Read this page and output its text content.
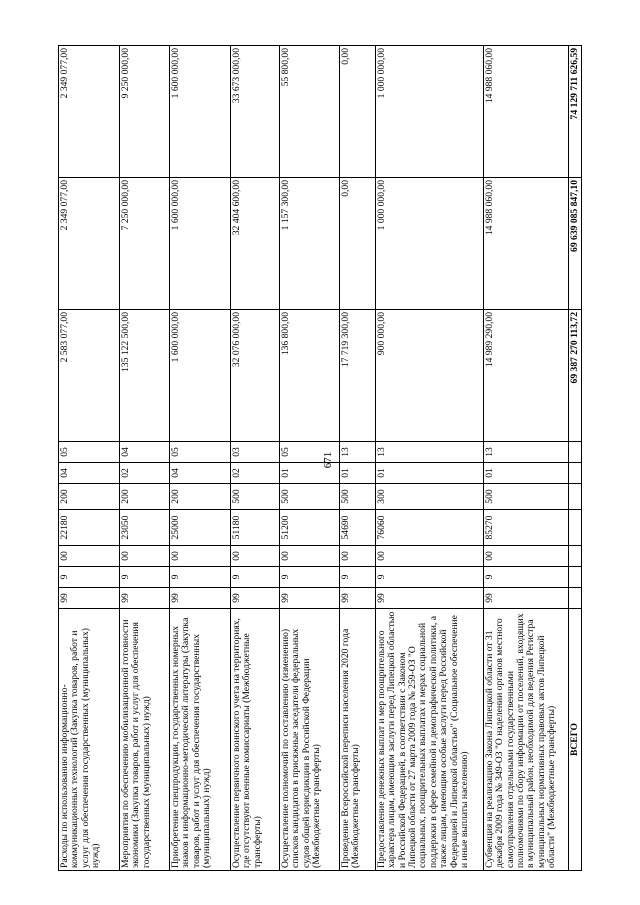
671
Расходы по использованию информационно-коммуникационных технологий (Закупка товаров, работ и услуг для обеспечения государственных (муниципальных) нужд)	99	9	00	22180	200	04	05	2 583 077,00	2 349 077,00	2 349 077,00
Мероприятия по обеспечению мобилизационной готовности экономики (Закупка товаров, работ и услуг для обеспечения государственных (муниципальных) нужд)	99	9	00	23050	200	02	04	135 122 500,00	7 250 000,00	9 250 000,00
Приобретение спецпродукции, государственных номерных знаков и информационно-методической литературы (Закупка товаров, работ и услуг для обеспечения государственных (муниципальных) нужд)	99	9	00	25000	200	04	05	1 600 000,00	1 600 000,00	1 600 000,00
Осуществление первичного воинского учета на территориях, где отсутствуют военные комиссариаты (Межбюджетные трансферты)	99	9	00	51180	500	02	03	32 076 000,00	32 404 600,00	33 673 000,00
Осуществление полномочий по составлению (изменению) списков кандидатов в присяжные заседатели федеральных судов общей юрисдикции в Российской Федерации (Межбюджетные трансферты)	99	9	00	51200	500	01	05	136 800,00	1 157 300,00	55 800,00
Проведение Всероссийской переписи населения 2020 года (Межбюджетные трансферты)	99	9	00	54690	500	01	13	17 719 300,00	0,00	0,00
Предоставление денежных выплат и мер поощрительного характера лицам, имеющим заслуги перед Липецкой областью и Российской Федерацией, в соответствии с Законом Липецкой области от 27 марта 2009 года № 259-ОЗ "О социальных, поощрительных выплатах и мерах социальной поддержки в сфере семейной и демографической политики, а также лицам, имеющим особые заслуги перед Российской Федерацией и Липецкой областью" (Социальное обеспечение и иные выплаты населению)	99	9	00	76060	300	01	13	900 000,00	1 000 000,00	1 000 000,00
Субвенция на реализацию Закона Липецкой области от 31 декабря 2009 года № 349-ОЗ "О наделении органов местного самоуправления отдельными государственными полномочиями по сбору информации от поселений, входящих в муниципальный район, необходимой для ведения Регистра муниципальных нормативных правовых актов Липецкой области" (Межбюджетные трансферты)	99	9	00	85270	500	01	13	14 989 290,00	14 988 060,00	14 988 060,00
ВСЕГО								69 387 270 113,72	69 639 085 847,10	74 129 711 626,59
